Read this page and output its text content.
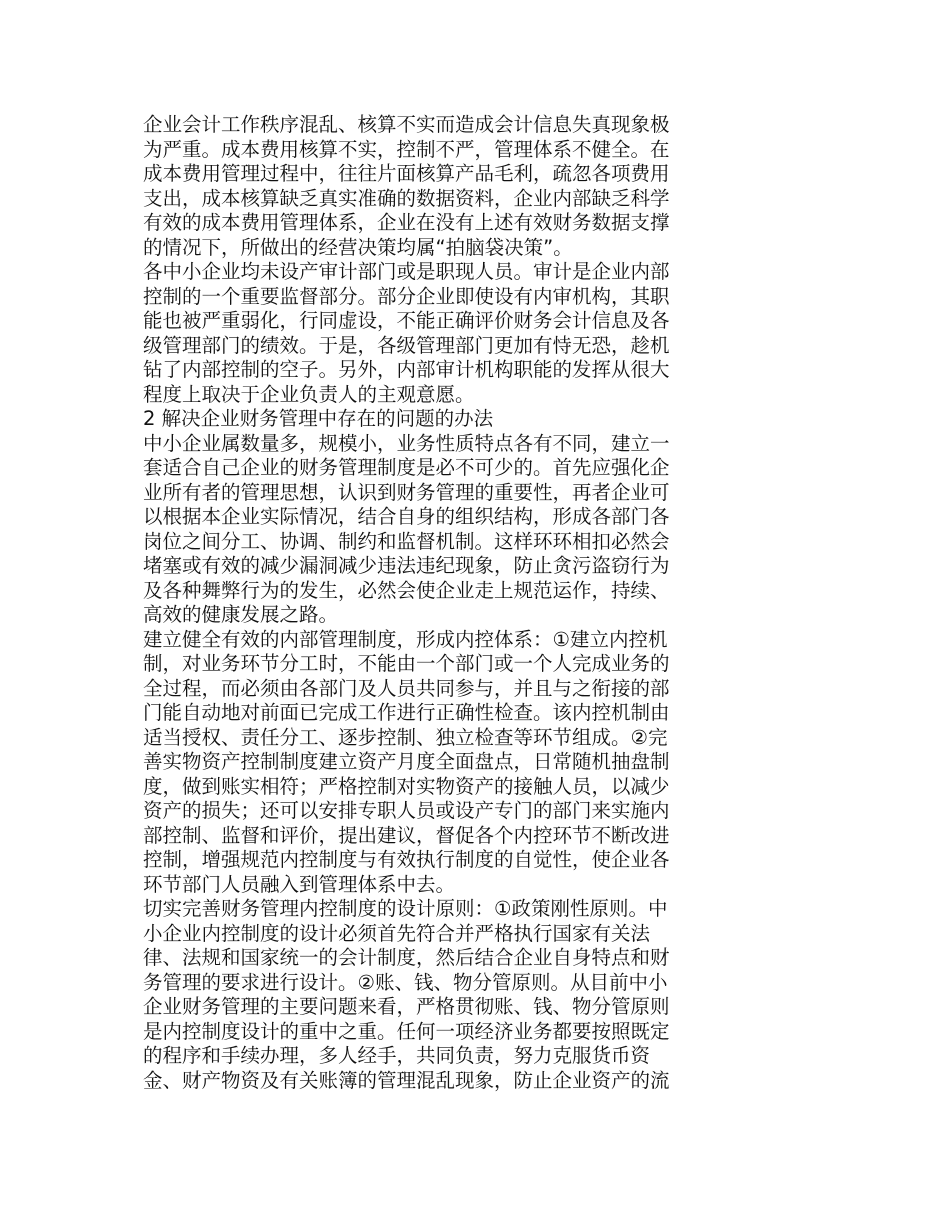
企业会计工作秩序混乱、核算不实而造成会计信息失真现象极
为严重。成本费用核算不实，控制不严，管理体系不健全。在
成本费用管理过程中，往往片面核算产品毛利，疏忽各项费用
支出，成本核算缺乏真实准确的数据资料，企业内部缺乏科学
有效的成本费用管理体系，企业在没有上述有效财务数据支撑
的情况下，所做出的经营决策均属“拍脑袋决策”。
各中小企业均未设产审计部门或是职现人员。审计是企业内部
控制的一个重要监督部分。部分企业即使设有内审机构，其职
能也被严重弱化，行同虚设，不能正确评价财务会计信息及各
级管理部门的绩效。于是，各级管理部门更加有恃无恐，趁机
钻了内部控制的空子。另外，内部审计机构职能的发挥从很大
程度上取决于企业负责人的主观意愿。
2 解决企业财务管理中存在的问题的办法
中小企业属数量多，规模小，业务性质特点各有不同，建立一
套适合自己企业的财务管理制度是必不可少的。首先应强化企
业所有者的管理思想，认识到财务管理的重要性，再者企业可
以根据本企业实际情况，结合自身的组织结构，形成各部门各
岗位之间分工、协调、制约和监督机制。这样环环相扣必然会
堵塞或有效的减少漏洞减少违法违纪现象，防止贪污盗窃行为
及各种舞弊行为的发生，必然会使企业走上规范运作，持续、
高效的健康发展之路。
建立健全有效的内部管理制度，形成内控体系：①建立内控机
制，对业务环节分工时，不能由一个部门或一个人完成业务的
全过程，而必须由各部门及人员共同参与，并且与之衔接的部
门能自动地对前面已完成工作进行正确性检查。该内控机制由
适当授权、责任分工、逐步控制、独立检查等环节组成。②完
善实物资产控制制度建立资产月度全面盘点，日常随机抽盘制
度，做到账实相符；严格控制对实物资产的接触人员，以减少
资产的损失；还可以安排专职人员或设产专门的部门来实施内
部控制、监督和评价，提出建议，督促各个内控环节不断改进
控制，增强规范内控制度与有效执行制度的自觉性，使企业各
环节部门人员融入到管理体系中去。
切实完善财务管理内控制度的设计原则：①政策刚性原则。中
小企业内控制度的设计必须首先符合并严格执行国家有关法
律、法规和国家统一的会计制度，然后结合企业自身特点和财
务管理的要求进行设计。②账、钱、物分管原则。从目前中小
企业财务管理的主要问题来看，严格贯彻账、钱、物分管原则
是内控制度设计的重中之重。任何一项经济业务都要按照既定
的程序和手续办理，多人经手，共同负责，努力克服货币资
金、财产物资及有关账簿的管理混乱现象，防止企业资产的流
